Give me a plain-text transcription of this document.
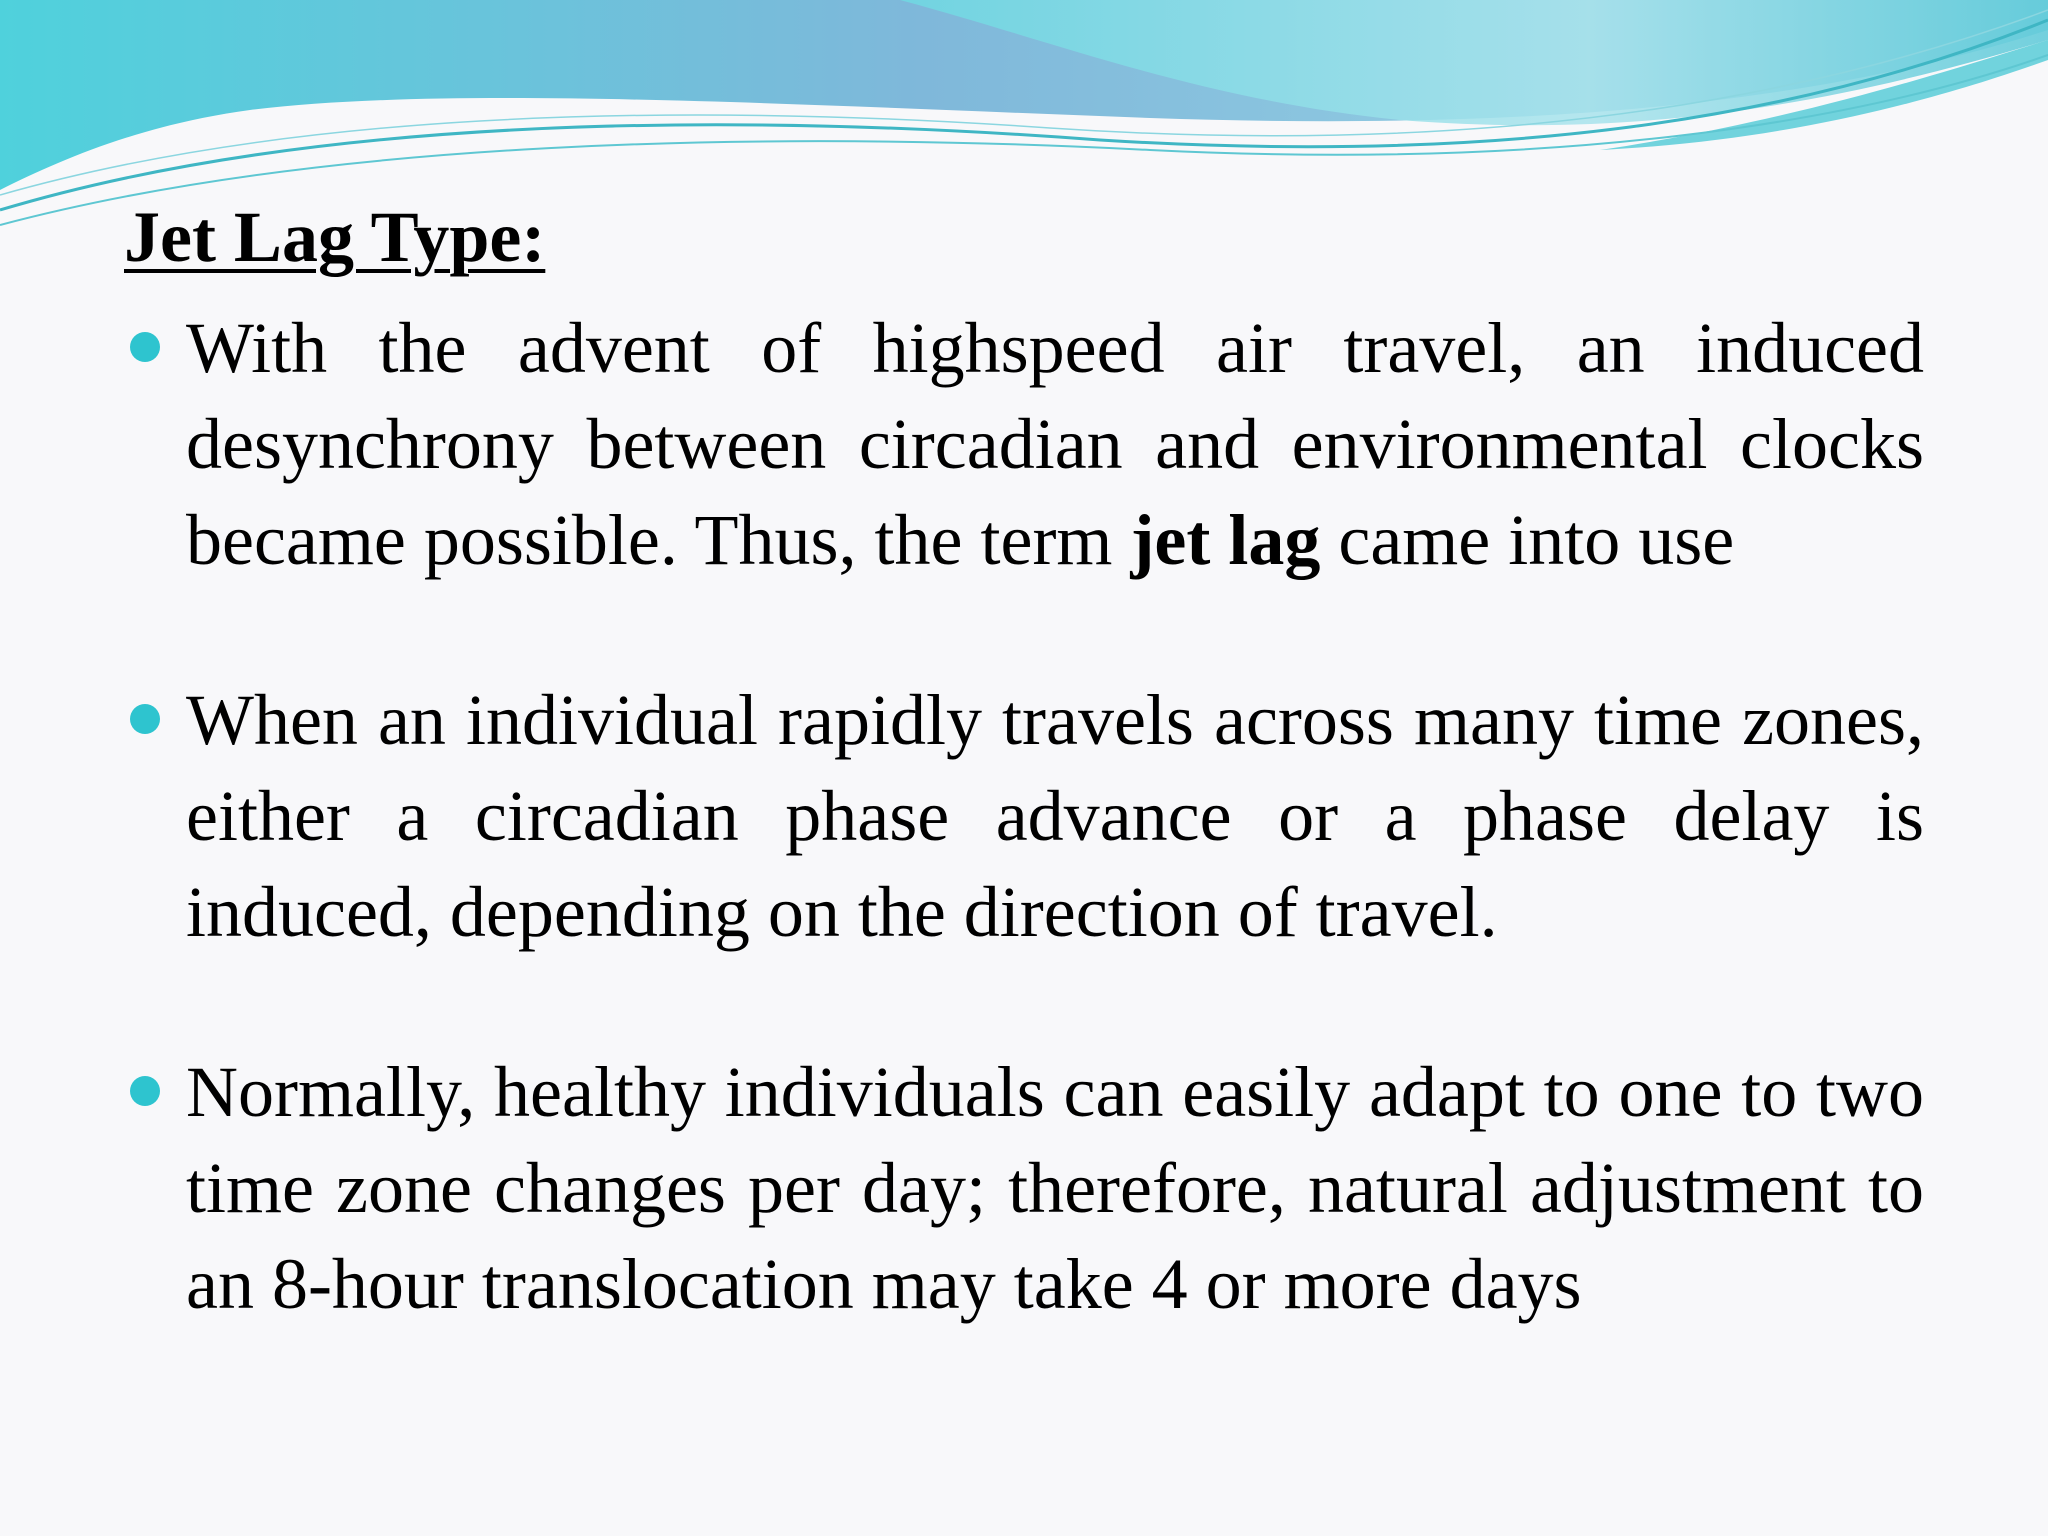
Jet Lag Type:
With the advent of highspeed air travel, an induced desynchrony between circadian and environmental clocks became possible. Thus, the term jet lag came into use
When an individual rapidly travels across many time zones, either a circadian phase advance or a phase delay is induced, depending on the direction of travel.
Normally, healthy individuals can easily adapt to one to two time zone changes per day; therefore, natural adjustment to an 8-hour translocation may take 4 or more days
